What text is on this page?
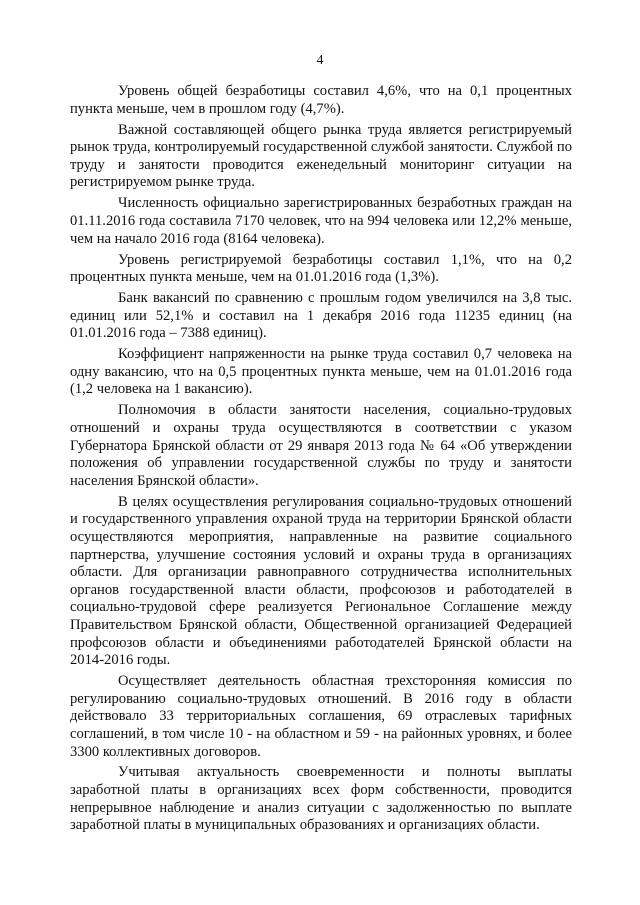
4

Уровень общей безработицы составил 4,6%, что на 0,1 процентных пункта меньше, чем в прошлом году (4,7%).

Важной составляющей общего рынка труда является регистрируемый рынок труда, контролируемый государственной службой занятости. Службой по труду и занятости проводится еженедельный мониторинг ситуации на регистрируемом рынке труда.

Численность официально зарегистрированных безработных граждан на 01.11.2016 года составила 7170 человек, что на 994 человека или 12,2% меньше, чем на начало 2016 года (8164 человека).

Уровень регистрируемой безработицы составил 1,1%, что на 0,2 процентных пункта меньше, чем на 01.01.2016 года (1,3%).

Банк вакансий по сравнению с прошлым годом увеличился на 3,8 тыс. единиц или 52,1% и составил на 1 декабря 2016 года 11235 единиц (на 01.01.2016 года – 7388 единиц).

Коэффициент напряженности на рынке труда составил 0,7 человека на одну вакансию, что на 0,5 процентных пункта меньше, чем на 01.01.2016 года (1,2 человека на 1 вакансию).

Полномочия в области занятости населения, социально-трудовых отношений и охраны труда осуществляются в соответствии с указом Губернатора Брянской области от 29 января 2013 года № 64 «Об утверждении положения об управлении государственной службы по труду и занятости населения Брянской области».

В целях осуществления регулирования социально-трудовых отношений и государственного управления охраной труда на территории Брянской области осуществляются мероприятия, направленные на развитие социального партнерства, улучшение состояния условий и охраны труда в организациях области. Для организации равноправного сотрудничества исполнительных органов государственной власти области, профсоюзов и работодателей в социально-трудовой сфере реализуется Региональное Соглашение между Правительством Брянской области, Общественной организацией Федерацией профсоюзов области и объединениями работодателей Брянской области на 2014-2016 годы.

Осуществляет деятельность областная трехсторонняя комиссия по регулированию социально-трудовых отношений. В 2016 году в области действовало 33 территориальных соглашения, 69 отраслевых тарифных соглашений, в том числе 10 - на областном и 59 - на районных уровнях, и более 3300 коллективных договоров.

Учитывая актуальность своевременности и полноты выплаты заработной платы в организациях всех форм собственности, проводится непрерывное наблюдение и анализ ситуации с задолженностью по выплате заработной платы в муниципальных образованиях и организациях области.
